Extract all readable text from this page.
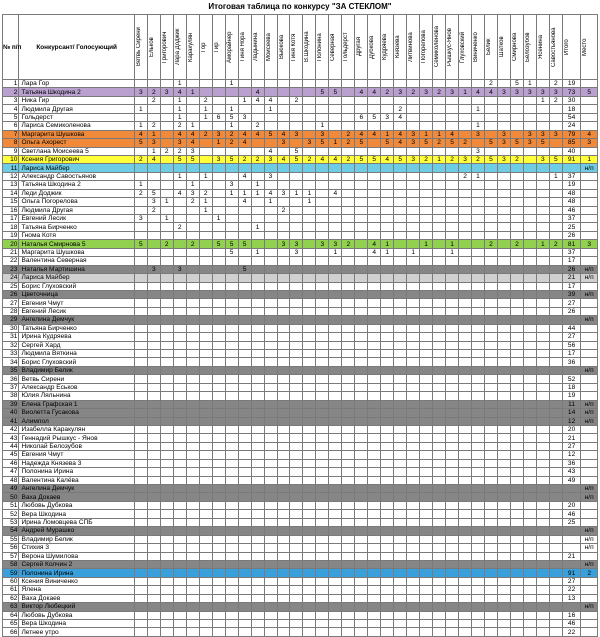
Итоговая таблица по конкурсу "ЗА СТЕКЛОМ"
№ п/п	Конкурсант/ Голосующий	Ветвь Сирени	Ельков	Григорович	Лара Доджик	Каракулян	Гор	Гир	Аморайнер	Гиня Нора	Ладынина	Моисеева	Вьюкова	Гиня Котя	В.Шкодина	Полонина	Северная	Гольдерст	Другая	Дубкова	Кудряева	Князева	Литвинова	Погорелова	Семиколенова	Рышкус-Янов	Глуховский	Виниченко	Белик	Шатков	Смирнова	Белозубов	Ясенина	Савостьянова	Итого	Место

1	Лара Гор				1				1																				2		5	1		2	19	
2	Татьяна Шкодина 2	3	2	3	4	1					4					5	5		4	4	2	3	2	3	2	3	1	4	4	3	3	3	3	3	73	5
3	Ника Гир		2		1		2			1	4	4		2																			1	2	30	
4	Людмила Другая	1			1		1		1			1										2						1							18	
5	Гольдерст				1		1	6	5	3									6	5	3	4													54	
6	Лариса Семиколенова	1	2		2	1			1		2					1												1							24	
7	Маргарита Шушкова	4	1		4	4	2	3	2	4	4	5	4	3		3		2	4	4	1	4	3	1	1	4		3		3		3	3	3	79	4
8	Ольга Ахорест	5	3		3	4		1	2	4			3		3	5	1	2	5		5	4	3	5	2	5	2		5	3	5	3	5		85	3
9	Светлана Моисеева 5		1	2	2	3						4		5														3							40	
10	Ксения Григорович	2	4		5	5		3	5	2	2	3	4	5	2	4	4	2	5	5	4	5	3	2	1	2	3	2	5	3	2		3	5	91	1
11	Лариса Майбер																																			н/п
12	Александр Савостьянов				1		1			4		3															2	1						1	37	
13	Татьяна Шкодина 2	1				1			3		1																								19	
14	Леди Доджик	2	5		4	3	2		1	1	1	4	3	1	1		4																		48	
15	Ольга Погорелова		3	1		2	1			4		1			1																				48	
16	Людмила Другая		2				1						2																						46	
17	Евгений Лесик	3		1				1																											37	
18	Татьяна Бирченко				2						1																								25	
19	Гнома Котя																																		26	
20	Наталья Смирнова 5	5		2		2		5	5	5			3	3		3	3	2		4	1			1		1			2		2		1	2	81	3
21	Маргарита Шушкова								5		1			3			1			4	1		1			1									37	
22	Валентина Северная																																		17	
23	Наталья Мартишина		3		3					5																									26	н/п
24	Лариса Майбер																																		21	н/п
25	Борис Глуховский																																		17	
26	Цветочница																																		39	н/п
27	Евгения Чмут																																		27	
28	Евгений Лесик																																		26	
29	Ангелина Демчук																																			н/п
30	Татьяна Бирченко																																		44	
31	Ирина Кудряева																																		27	
32	Сергей Хард																																		56	
33	Людмила Вяткина																																		17	
34	Борис Глуховский																																		36	
35	Владимир Белик																																			н/п
36	Ветвь Сирени																																		52	
37	Александр Еськов																																		18	
38	Юлия Ляльнина																																		19	
39	Елена Графская 1																																		11	н/п
40	Виолетта Гусакова																																		14	н/п
41	Алимпол																																		12	н/п
42	Изабелла Каракулян																																		20	
43	Геннадий Рышкус - Янов																																		21	
44	Николай Белозубов																																		27	
45	Евгения Чмут																																		12	
46	Надежда Князева 3																																		36	
47	Полонина Ирина																																		43	
48	Валентина Калёва																																		49	
49	Ангелина Демчук																																			н/п
50	Ваха Докаев																																			н/п
51	Любовь Дубкова																																		20	
52	Вера Шкодина																																		46	
53	Ирина Ломовцева СПБ																																		25	
54	Андрей Мурашко																																			н/п
55	Владимир Белик																																			н/п
56	Стихия 3																																			н/п
57	Верона Шумилова																																		21	
58	Сергей Колчин 2																																			н/п
59	Полонина Ирина																																		91	2
60	Ксения Виниченко																																		27	
61	Ялена																																		22	
62	Ваха Докаев																																		13	
63	Виктор Любецкий																																			н/п
64	Любовь Дубкова																																		16	
65	Вера Шкодина																																		46	
66	Летнее утро																																		22	
